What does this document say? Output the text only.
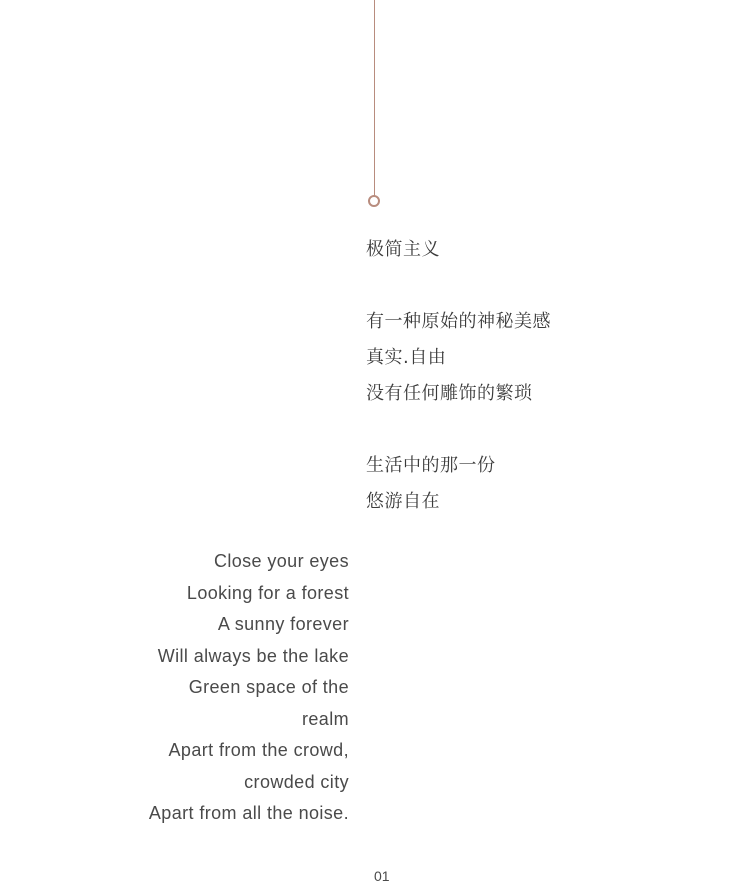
极简主义
有一种原始的神秘美感
真实.自由
没有任何雕饰的繁琐
生活中的那一份
悠游自在
Close your eyes
Looking for a forest
A sunny forever
Will always be the lake
Green space of the
realm
Apart from the crowd,
crowded city
Apart from all the noise.
01
